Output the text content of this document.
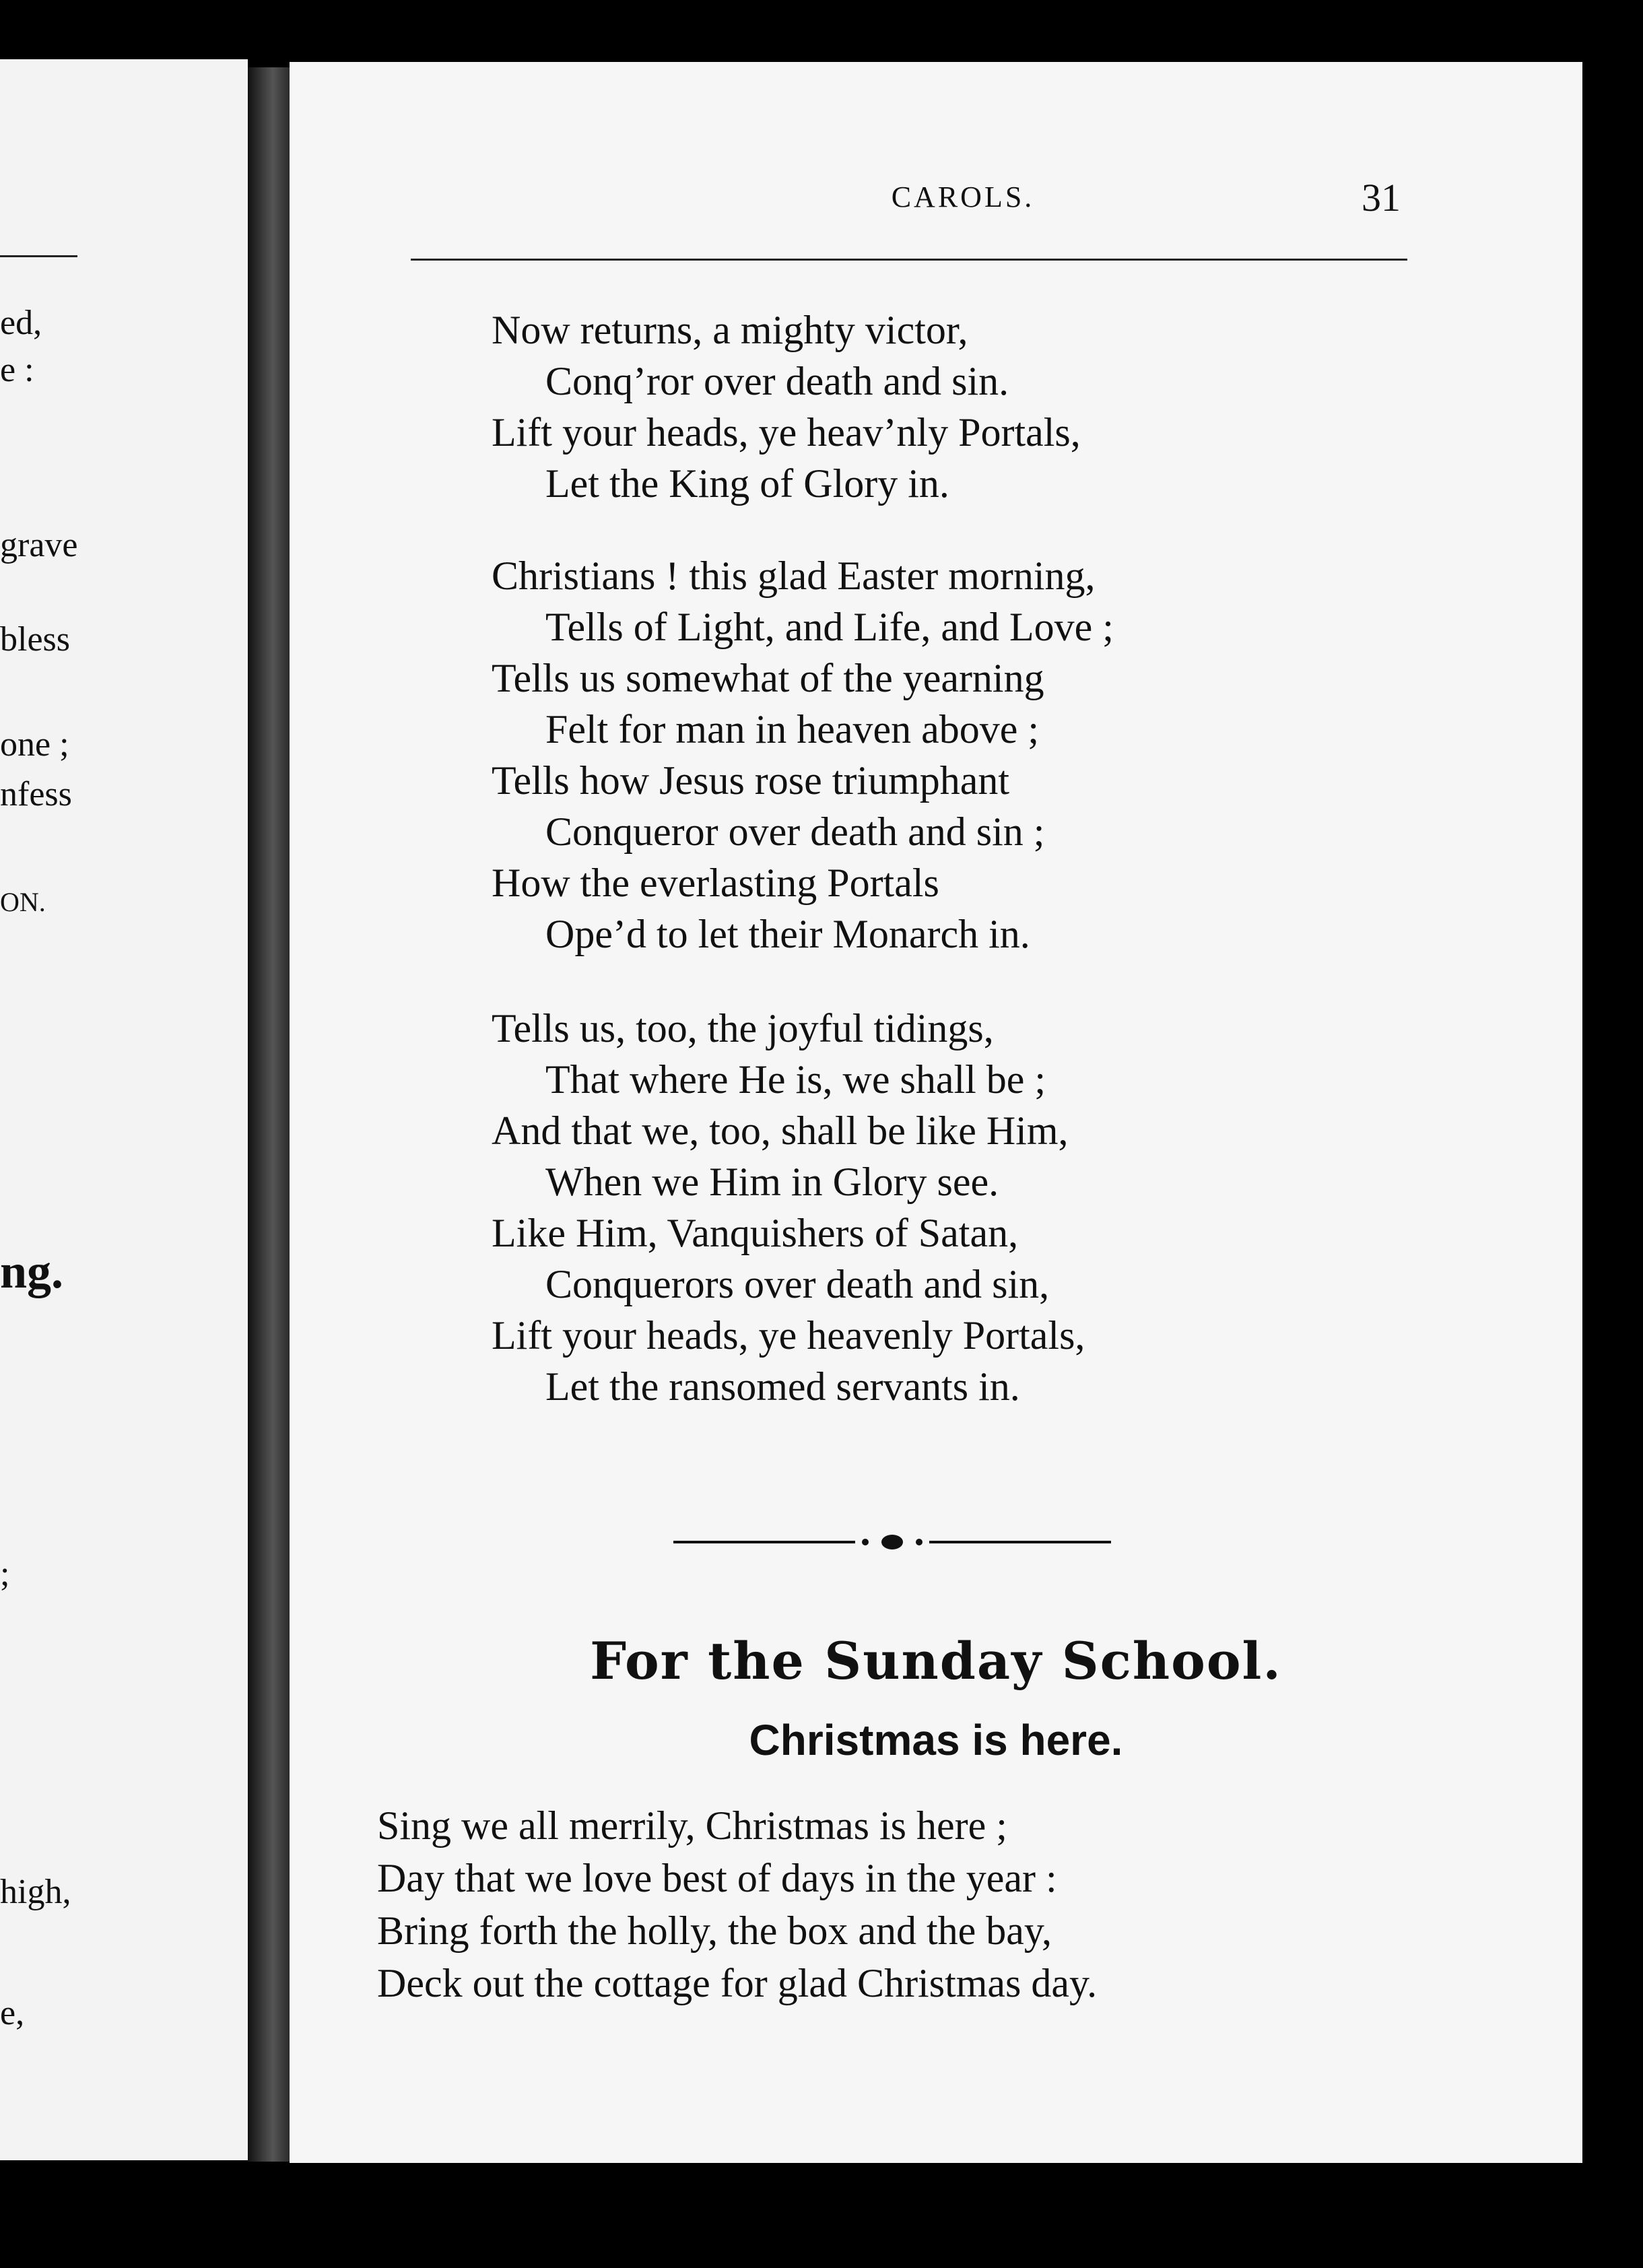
ed,

e :

grave

bless

one ;

nfess

ON.

ng.

;

high,

e,

CAROLS.	31

Now returns, a mighty victor,

Conq’ror over death and sin.

Lift your heads, ye heav’nly Portals,

Let the King of Glory in.

Christians ! this glad Easter morning,

Tells of Light, and Life, and Love ;

Tells us somewhat of the yearning

Felt for man in heaven above ;

Tells how Jesus rose triumphant

Conqueror over death and sin ;

How the everlasting Portals

Ope’d to let their Monarch in.

Tells us, too, the joyful tidings,

That where He is, we shall be ;

And that we, too, shall be like Him,

When we Him in Glory see.

Like Him, Vanquishers of Satan,

Conquerors over death and sin,

Lift your heads, ye heavenly Portals,

Let the ransomed servants in.

For the Sunday School.
Christmas is here.

Sing we all merrily, Christmas is here ;

Day that we love best of days in the year :

Bring forth the holly, the box and the bay,

Deck out the cottage for glad Christmas day.
